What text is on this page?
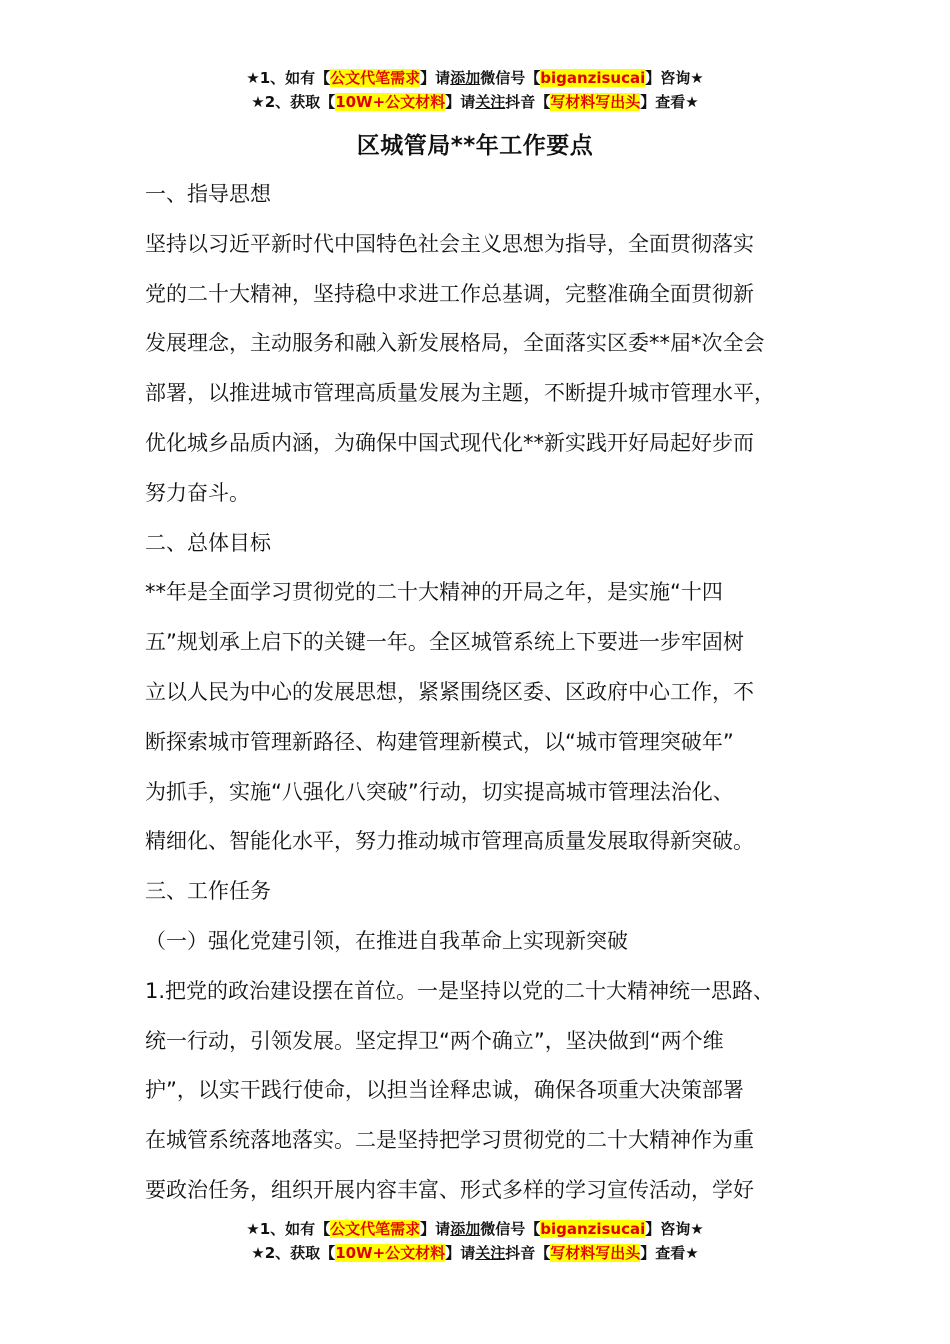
★1、如有【公文代笔需求】请添加微信号【biganzisucai】咨询★
★2、获取【10W+公文材料】请关注抖音【写材料写出头】查看★
区城管局**年工作要点

一、指导思想

坚持以习近平新时代中国特色社会主义思想为指导，全面贯彻落实

党的二十大精神，坚持稳中求进工作总基调，完整准确全面贯彻新

发展理念，主动服务和融入新发展格局，全面落实区委**届*次全会

部署，以推进城市管理高质量发展为主题，不断提升城市管理水平，

优化城乡品质内涵，为确保中国式现代化**新实践开好局起好步而

努力奋斗。

二、总体目标

**年是全面学习贯彻党的二十大精神的开局之年，是实施“十四

五”规划承上启下的关键一年。全区城管系统上下要进一步牢固树

立以人民为中心的发展思想，紧紧围绕区委、区政府中心工作，不

断探索城市管理新路径、构建管理新模式，以“城市管理突破年”

为抓手，实施“八强化八突破”行动，切实提高城市管理法治化、

精细化、智能化水平，努力推动城市管理高质量发展取得新突破。

三、工作任务

（一）强化党建引领，在推进自我革命上实现新突破

1.把党的政治建设摆在首位。一是坚持以党的二十大精神统一思路、

统一行动，引领发展。坚定捍卫“两个确立”，坚决做到“两个维

护”，以实干践行使命，以担当诠释忠诚，确保各项重大决策部署

在城管系统落地落实。二是坚持把学习贯彻党的二十大精神作为重

要政治任务，组织开展内容丰富、形式多样的学习宣传活动，学好

★1、如有【公文代笔需求】请添加微信号【biganzisucai】咨询★
★2、获取【10W+公文材料】请关注抖音【写材料写出头】查看★
